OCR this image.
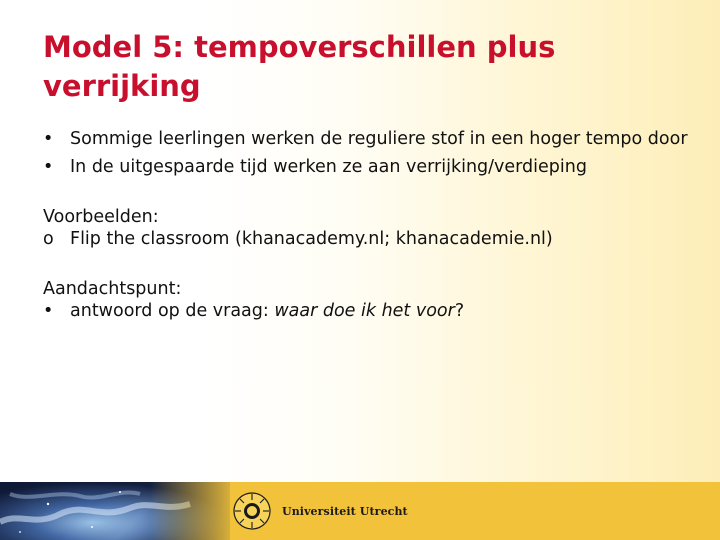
Model 5: tempoverschillen plus verrijking
• Sommige leerlingen werken de reguliere stof in een hoger tempo door
• In de uitgespaarde tijd werken ze aan verrijking/verdieping

Voorbeelden:

o Flip the classroom (khanacademy.nl; khanacademie.nl)

Aandachtspunt:

• antwoord op de vraag: waar doe ik het voor?
Universiteit Utrecht
